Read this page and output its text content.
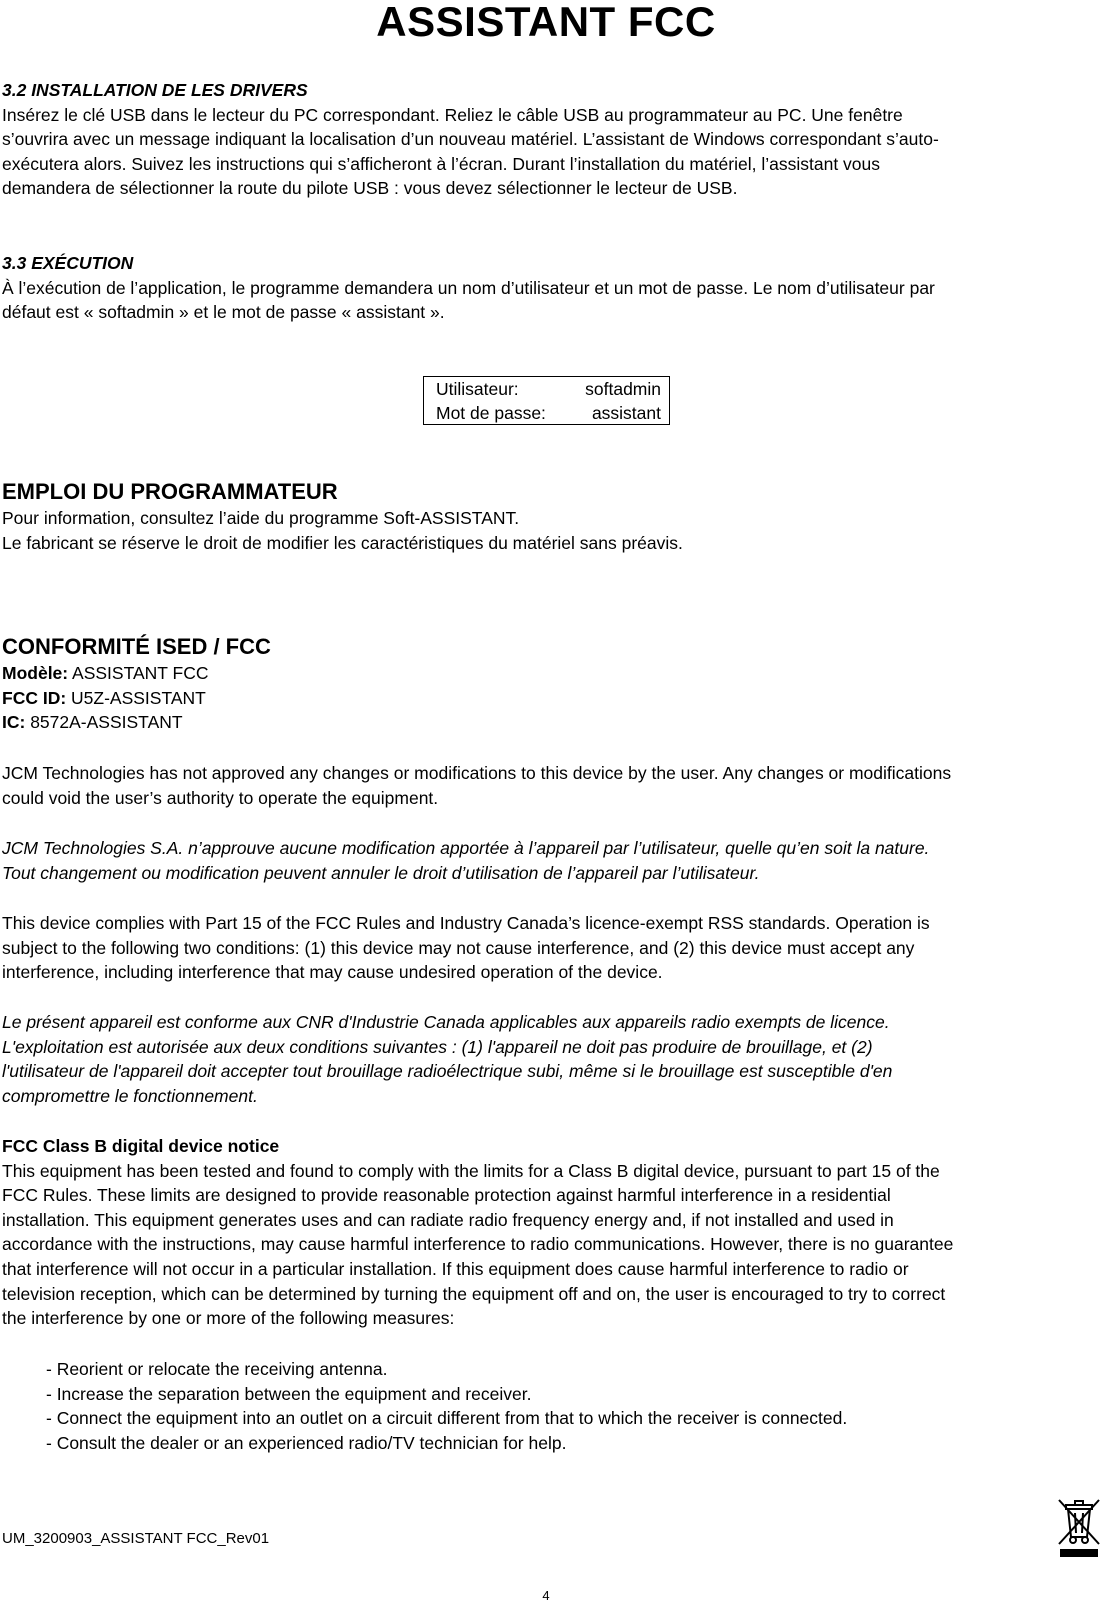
ASSISTANT FCC

3.2 INSTALLATION DE LES DRIVERS

Insérez le clé USB dans le lecteur du PC correspondant. Reliez le câble USB au programmateur au PC. Une fenêtre

s’ouvrira avec un message indiquant la localisation d’un nouveau matériel. L’assistant de Windows correspondant s’auto-

exécutera alors. Suivez les instructions qui s’afficheront à l’écran. Durant l’installation du matériel, l’assistant vous

demandera de sélectionner la route du pilote USB : vous devez sélectionner le lecteur de USB.

3.3 EXÉCUTION

À l’exécution de l’application, le programme demandera un nom d’utilisateur et un mot de passe. Le nom d’utilisateur par

défaut est « softadmin » et le mot de passe « assistant ».

Utilisateur:	softadmin
Mot de passe:	assistant

EMPLOI DU PROGRAMMATEUR

Pour information, consultez l’aide du programme Soft-ASSISTANT.

Le fabricant se réserve le droit de modifier les caractéristiques du matériel sans préavis.

CONFORMITÉ ISED / FCC

Modèle: ASSISTANT FCC

FCC ID: U5Z-ASSISTANT

IC: 8572A-ASSISTANT

JCM Technologies has not approved any changes or modifications to this device by the user. Any changes or modifications

could void the user’s authority to operate the equipment.

JCM Technologies S.A. n’approuve aucune modification apportée à l’appareil par l’utilisateur, quelle qu’en soit la nature.

Tout changement ou modification peuvent annuler le droit d’utilisation de l’appareil par l’utilisateur.

This device complies with Part 15 of the FCC Rules and Industry Canada’s licence-exempt RSS standards. Operation is

subject to the following two conditions: (1) this device may not cause interference, and (2) this device must accept any

interference, including interference that may cause undesired operation of the device.

Le présent appareil est conforme aux CNR d'Industrie Canada applicables aux appareils radio exempts de licence.

L'exploitation est autorisée aux deux conditions suivantes : (1) l'appareil ne doit pas produire de brouillage, et (2)

l'utilisateur de l'appareil doit accepter tout brouillage radioélectrique subi, même si le brouillage est susceptible d'en

compromettre le fonctionnement.

FCC Class B digital device notice

This equipment has been tested and found to comply with the limits for a Class B digital device, pursuant to part 15 of the

FCC Rules. These limits are designed to provide reasonable protection against harmful interference in a residential

installation. This equipment generates uses and can radiate radio frequency energy and, if not installed and used in

accordance with the instructions, may cause harmful interference to radio communications. However, there is no guarantee

that interference will not occur in a particular installation. If this equipment does cause harmful interference to radio or

television reception, which can be determined by turning the equipment off and on, the user is encouraged to try to correct

the interference by one or more of the following measures:

- Reorient or relocate the receiving antenna.

- Increase the separation between the equipment and receiver.

- Connect the equipment into an outlet on a circuit different from that to which the receiver is connected.

- Consult the dealer or an experienced radio/TV technician for help.

UM_3200903_ASSISTANT FCC_Rev01
4
